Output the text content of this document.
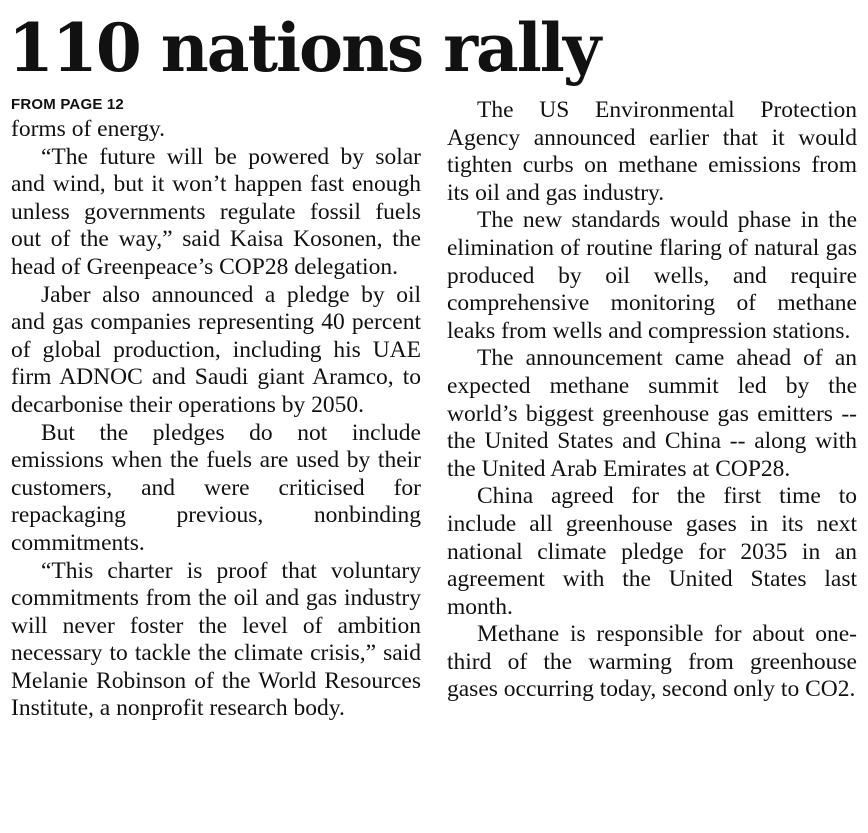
110 nations rally
FROM PAGE 12

forms of energy.

“The future will be powered by solar and wind, but it won’t happen fast enough unless governments regulate fossil fuels out of the way,” said Kaisa Kosonen, the head of Greenpeace’s COP28 delegation.

Jaber also announced a pledge by oil and gas companies representing 40 percent of global production, including his UAE firm ADNOC and Saudi giant Aramco, to decarbonise their operations by 2050.

But the pledges do not include emissions when the fuels are used by their customers, and were criticised for repackaging previous, nonbinding commitments.

“This charter is proof that voluntary commitments from the oil and gas industry will never foster the level of ambition necessary to tackle the climate crisis,” said Melanie Robinson of the World Resources Institute, a nonprofit research body.

The US Environmental Protection Agency announced earlier that it would tighten curbs on methane emissions from its oil and gas industry.

The new standards would phase in the elimination of routine flaring of natural gas produced by oil wells, and require comprehensive monitoring of methane leaks from wells and compression stations.

The announcement came ahead of an expected methane summit led by the world’s biggest greenhouse gas emitters -- the United States and China -- along with the United Arab Emirates at COP28.

China agreed for the first time to include all greenhouse gases in its next national climate pledge for 2035 in an agreement with the United States last month.

Methane is responsible for about one-third of the warming from greenhouse gases occurring today, second only to CO2.
